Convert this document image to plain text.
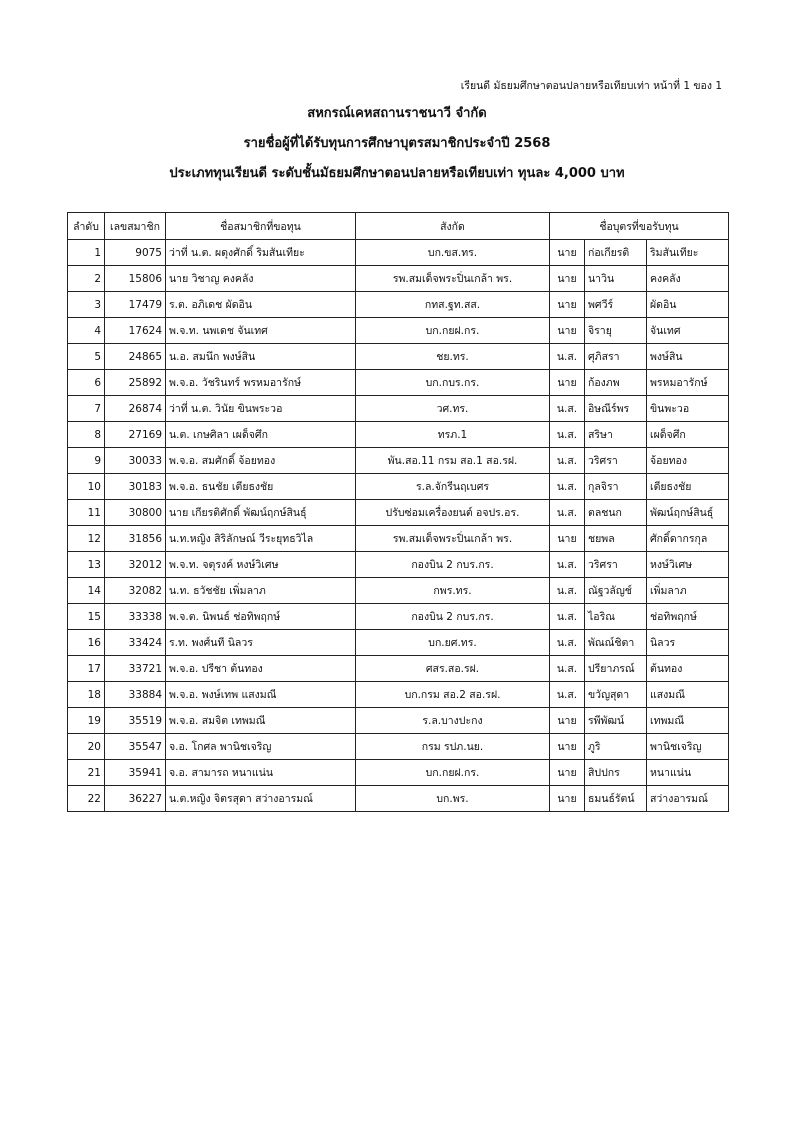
เรียนดี มัธยมศึกษาตอนปลายหรือเทียบเท่า หน้าที่ 1 ของ 1
สหกรณ์เคหสถานราชนาวี จำกัด
รายชื่อผู้ที่ได้รับทุนการศึกษาบุตรสมาชิกประจำปี 2568
ประเภททุนเรียนดี ระดับชั้นมัธยมศึกษาตอนปลายหรือเทียบเท่า ทุนละ 4,000 บาท
ลำดับ	เลขสมาชิก	ชื่อสมาชิกที่ขอทุน	สังกัด	ชื่อบุตรที่ขอรับทุน		
1	9075	ว่าที่ น.ต. ผดุงศักดิ์ ริมสันเทียะ	บก.ขส.ทร.	นาย	ก่อเกียรติ	ริมสันเทียะ
2	15806	นาย วิชาญ คงคลัง	รพ.สมเด็จพระปิ่นเกล้า พร.	นาย	นาวิน	คงคลัง
3	17479	ร.ต. อภิเดช ผัดอิน	กทส.ฐท.สส.	นาย	พศวีร์	ผัดอิน
4	17624	พ.จ.ท. นพเดช จันเทศ	บก.กยฝ.กร.	นาย	จิรายุ	จันเทศ
5	24865	น.อ. สมนึก พงษ์สิน	ชย.ทร.	น.ส.	ศุภิสรา	พงษ์สิน
6	25892	พ.จ.อ. วัชรินทร์ พรหมอารักษ์	บก.กบร.กร.	นาย	ก้องภพ	พรหมอารักษ์
7	26874	ว่าที่ น.ต. วินัย ขินพระวอ	วศ.ทร.	น.ส.	อิษณีร์พร	ขินพะวอ
8	27169	น.ต. เกษศิลา เผด็จศึก	ทรภ.1	น.ส.	สริษา	เผด็จศึก
9	30033	พ.จ.อ. สมศักดิ์ จ้อยทอง	พัน.สอ.11 กรม สอ.1 สอ.รฝ.	น.ส.	วริศรา	จ้อยทอง
10	30183	พ.จ.อ. ธนชัย เตียธงชัย	ร.ล.จักรีนฤเบศร	น.ส.	กุลจิรา	เตียธงชัย
11	30800	นาย เกียรติศักดิ์ พัฒน์ฤกษ์สินธุ์	ปรับซ่อมเครื่องยนต์ อจปร.อร.	น.ส.	ตลชนก	พัฒน์ฤกษ์สินธุ์
12	31856	น.ท.หญิง สิริลักษณ์ วีระยุทธวิไล	รพ.สมเด็จพระปิ่นเกล้า พร.	นาย	ชยพล	ศักดิ์ดากรกุล
13	32012	พ.จ.ท. จตุรงค์ หงษ์วิเศษ	กองบิน 2 กบร.กร.	น.ส.	วริศรา	หงษ์วิเศษ
14	32082	น.ท. ธวัชชัย เพิ่มลาภ	กพร.ทร.	น.ส.	ณัฐวลัญช์	เพิ่มลาภ
15	33338	พ.จ.ต. นิพนธ์ ช่อทิพฤกษ์	กองบิน 2 กบร.กร.	น.ส.	ไอริณ	ช่อทิพฤกษ์
16	33424	ร.ท. พงศ์นที นิลวร	บก.ยศ.ทร.	น.ส.	พัณณ์ชิตา	นิลวร
17	33721	พ.จ.อ. ปรีชา ต้นทอง	ศสร.สอ.รฝ.	น.ส.	ปรียาภรณ์	ต้นทอง
18	33884	พ.จ.อ. พงษ์เทพ แสงมณี	บก.กรม สอ.2 สอ.รฝ.	น.ส.	ขวัญสุดา	แสงมณี
19	35519	พ.จ.อ. สมจิต เทพมณี	ร.ล.บางปะกง	นาย	รพีพัฒน์	เทพมณี
20	35547	จ.อ. โกศล พานิชเจริญ	กรม รปภ.นย.	นาย	ภูริ	พานิชเจริญ
21	35941	จ.อ. สามารถ หนาแน่น	บก.กยฝ.กร.	นาย	สิปปกร	หนาแน่น
22	36227	น.ต.หญิง จิตรสุดา สว่างอารมณ์	บก.พร.	นาย	ธมนธ์รัตน์	สว่างอารมณ์
